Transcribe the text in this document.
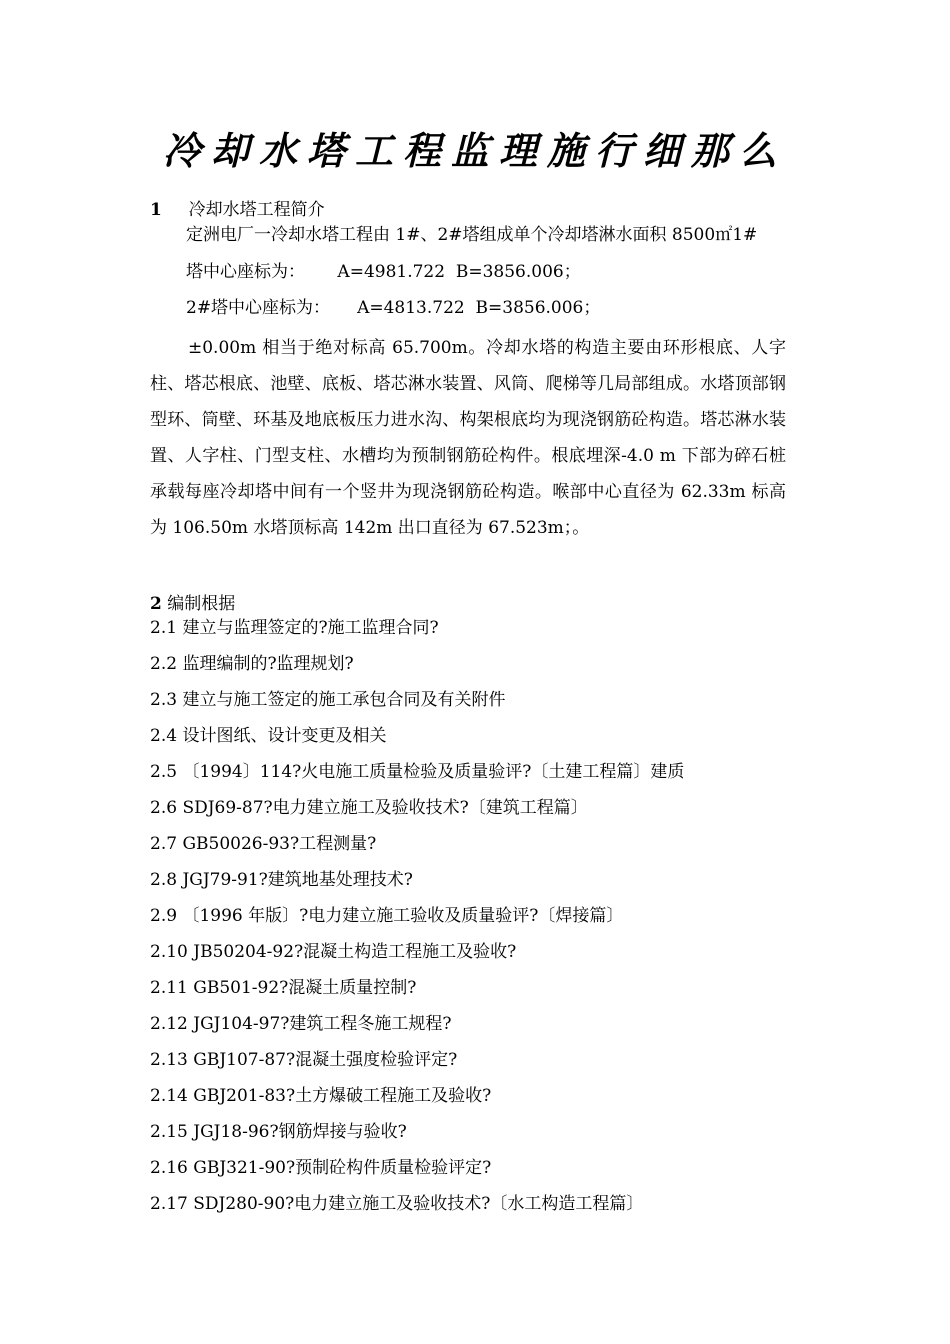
冷却水塔工程监理施行细那么
1 冷却水塔工程简介
定洲电厂一冷却水塔工程由 1#、2#塔组成单个冷却塔淋水面积 8500㎡1#
塔中心座标为：      A=4981.722  B=3856.006；
2#塔中心座标为：     A=4813.722  B=3856.006；
±0.00m 相当于绝对标高 65.700m。冷却水塔的构造主要由环形根底、人字柱、塔芯根底、池壁、底板、塔芯淋水装置、风筒、爬梯等几局部组成。水塔顶部钢型环、筒壁、环基及地底板压力进水沟、构架根底均为现浇钢筋砼构造。塔芯淋水装置、人字柱、门型支柱、水槽均为预制钢筋砼构件。根底埋深-4.0 m 下部为碎石桩承载每座冷却塔中间有一个竖井为现浇钢筋砼构造。喉部中心直径为 62.33m 标高为 106.50m 水塔顶标高 142m 出口直径为 67.523m；。
2 编制根据
2.1 建立与监理签定的?施工监理合同?
2.2 监理编制的?监理规划?
2.3 建立与施工签定的施工承包合同及有关附件
2.4 设计图纸、设计变更及相关
2.5 〔1994〕114?火电施工质量检验及质量验评?〔土建工程篇〕建质
2.6 SDJ69-87?电力建立施工及验收技术?〔建筑工程篇〕
2.7 GB50026-93?工程测量?
2.8 JGJ79-91?建筑地基处理技术?
2.9 〔1996 年版〕?电力建立施工验收及质量验评?〔焊接篇〕
2.10 JB50204-92?混凝土构造工程施工及验收?
2.11 GB501-92?混凝土质量控制?
2.12 JGJ104-97?建筑工程冬施工规程?
2.13 GBJ107-87?混凝土强度检验评定?
2.14 GBJ201-83?土方爆破工程施工及验收?
2.15 JGJ18-96?钢筋焊接与验收?
2.16 GBJ321-90?预制砼构件质量检验评定?
2.17 SDJ280-90?电力建立施工及验收技术?〔水工构造工程篇〕
